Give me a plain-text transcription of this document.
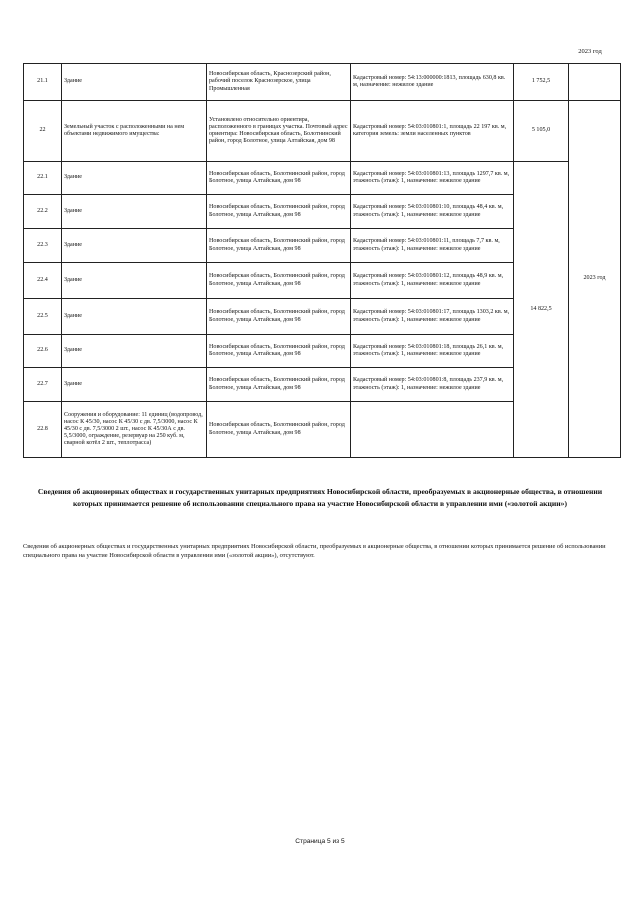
2023 год
21.1	Здание	Новосибирская область, Краснозерский район, рабочий поселок Краснозерское, улица Промышленная	Кадастровый номер: 54:13:000000:1813, площадь 630,8 кв. м, назначение: нежилое здание	1 752,5	
22	Земельный участок с расположенными на нем объектами недвижимого имущества:	Установлено относительно ориентира, расположенного в границах участка. Почтовый адрес ориентира: Новосибирская область, Болотнинский район, город Болотное, улица Алтайская, дом 98	Кадастровый номер: 54:03:010801:1, площадь 22 197 кв. м, категория земель: земли населенных пунктов	5 105,0	2023 год
22.1	Здание	Новосибирская область, Болотнинский район, город Болотное, улица Алтайская, дом 98	Кадастровый номер: 54:03:010801:13, площадь 1297,7 кв. м, этажность (этаж): 1, назначение: нежилое здание	14 822,5	
22.2	Здание	Новосибирская область, Болотнинский район, город Болотное, улица Алтайская, дом 98	Кадастровый номер: 54:03:010801:10, площадь 48,4 кв. м, этажность (этаж): 1, назначение: нежилое здание		
22.3	Здание	Новосибирская область, Болотнинский район, город Болотное, улица Алтайская, дом 98	Кадастровый номер: 54:03:010801:11, площадь 7,7 кв. м, этажность (этаж): 1, назначение: нежилое здание		
22.4	Здание	Новосибирская область, Болотнинский район, город Болотное, улица Алтайская, дом 98	Кадастровый номер: 54:03:010801:12, площадь 48,9 кв. м, этажность (этаж): 1, назначение: нежилое здание		
22.5	Здание	Новосибирская область, Болотнинский район, город Болотное, улица Алтайская, дом 98	Кадастровый номер: 54:03:010801:17, площадь 1303,2 кв. м, этажность (этаж): 1, назначение: нежилое здание		
22.6	Здание	Новосибирская область, Болотнинский район, город Болотное, улица Алтайская, дом 98	Кадастровый номер: 54:03:010801:18, площадь 26,1 кв. м, этажность (этаж): 1, назначение: нежилое здание		
22.7	Здание	Новосибирская область, Болотнинский район, город Болотное, улица Алтайская, дом 98	Кадастровый номер: 54:03:010801:8, площадь 237,9 кв. м, этажность (этаж): 1, назначение: нежилое здание		
22.8	Сооружения и оборудование: 11 единиц (водопровод, насос К 45/30, насос К 45/30 с дв. 7,5/3000, насос К 45/30 с дв. 7,5/3000 2 шт., насос К 45/30А с дв. 5,5/3000, ограждение, резервуар на 250 куб. м, сварной котёл 2 шт., теплотрасса)	Новосибирская область, Болотнинский район, город Болотное, улица Алтайская, дом 98			
Сведения об акционерных обществах и государственных унитарных предприятиях Новосибирской области, преобразуемых в акционерные общества, в отношении которых принимается решение об использовании специального права на участие Новосибирской области в управлении ими («золотой акции»)
Сведения об акционерных обществах и государственных унитарных предприятиях Новосибирской области, преобразуемых в акционерные общества, в отношении которых принимается решение об использовании специального права на участие Новосибирской области в управлении ими («золотой акции»), отсутствуют.
Страница 5 из 5
